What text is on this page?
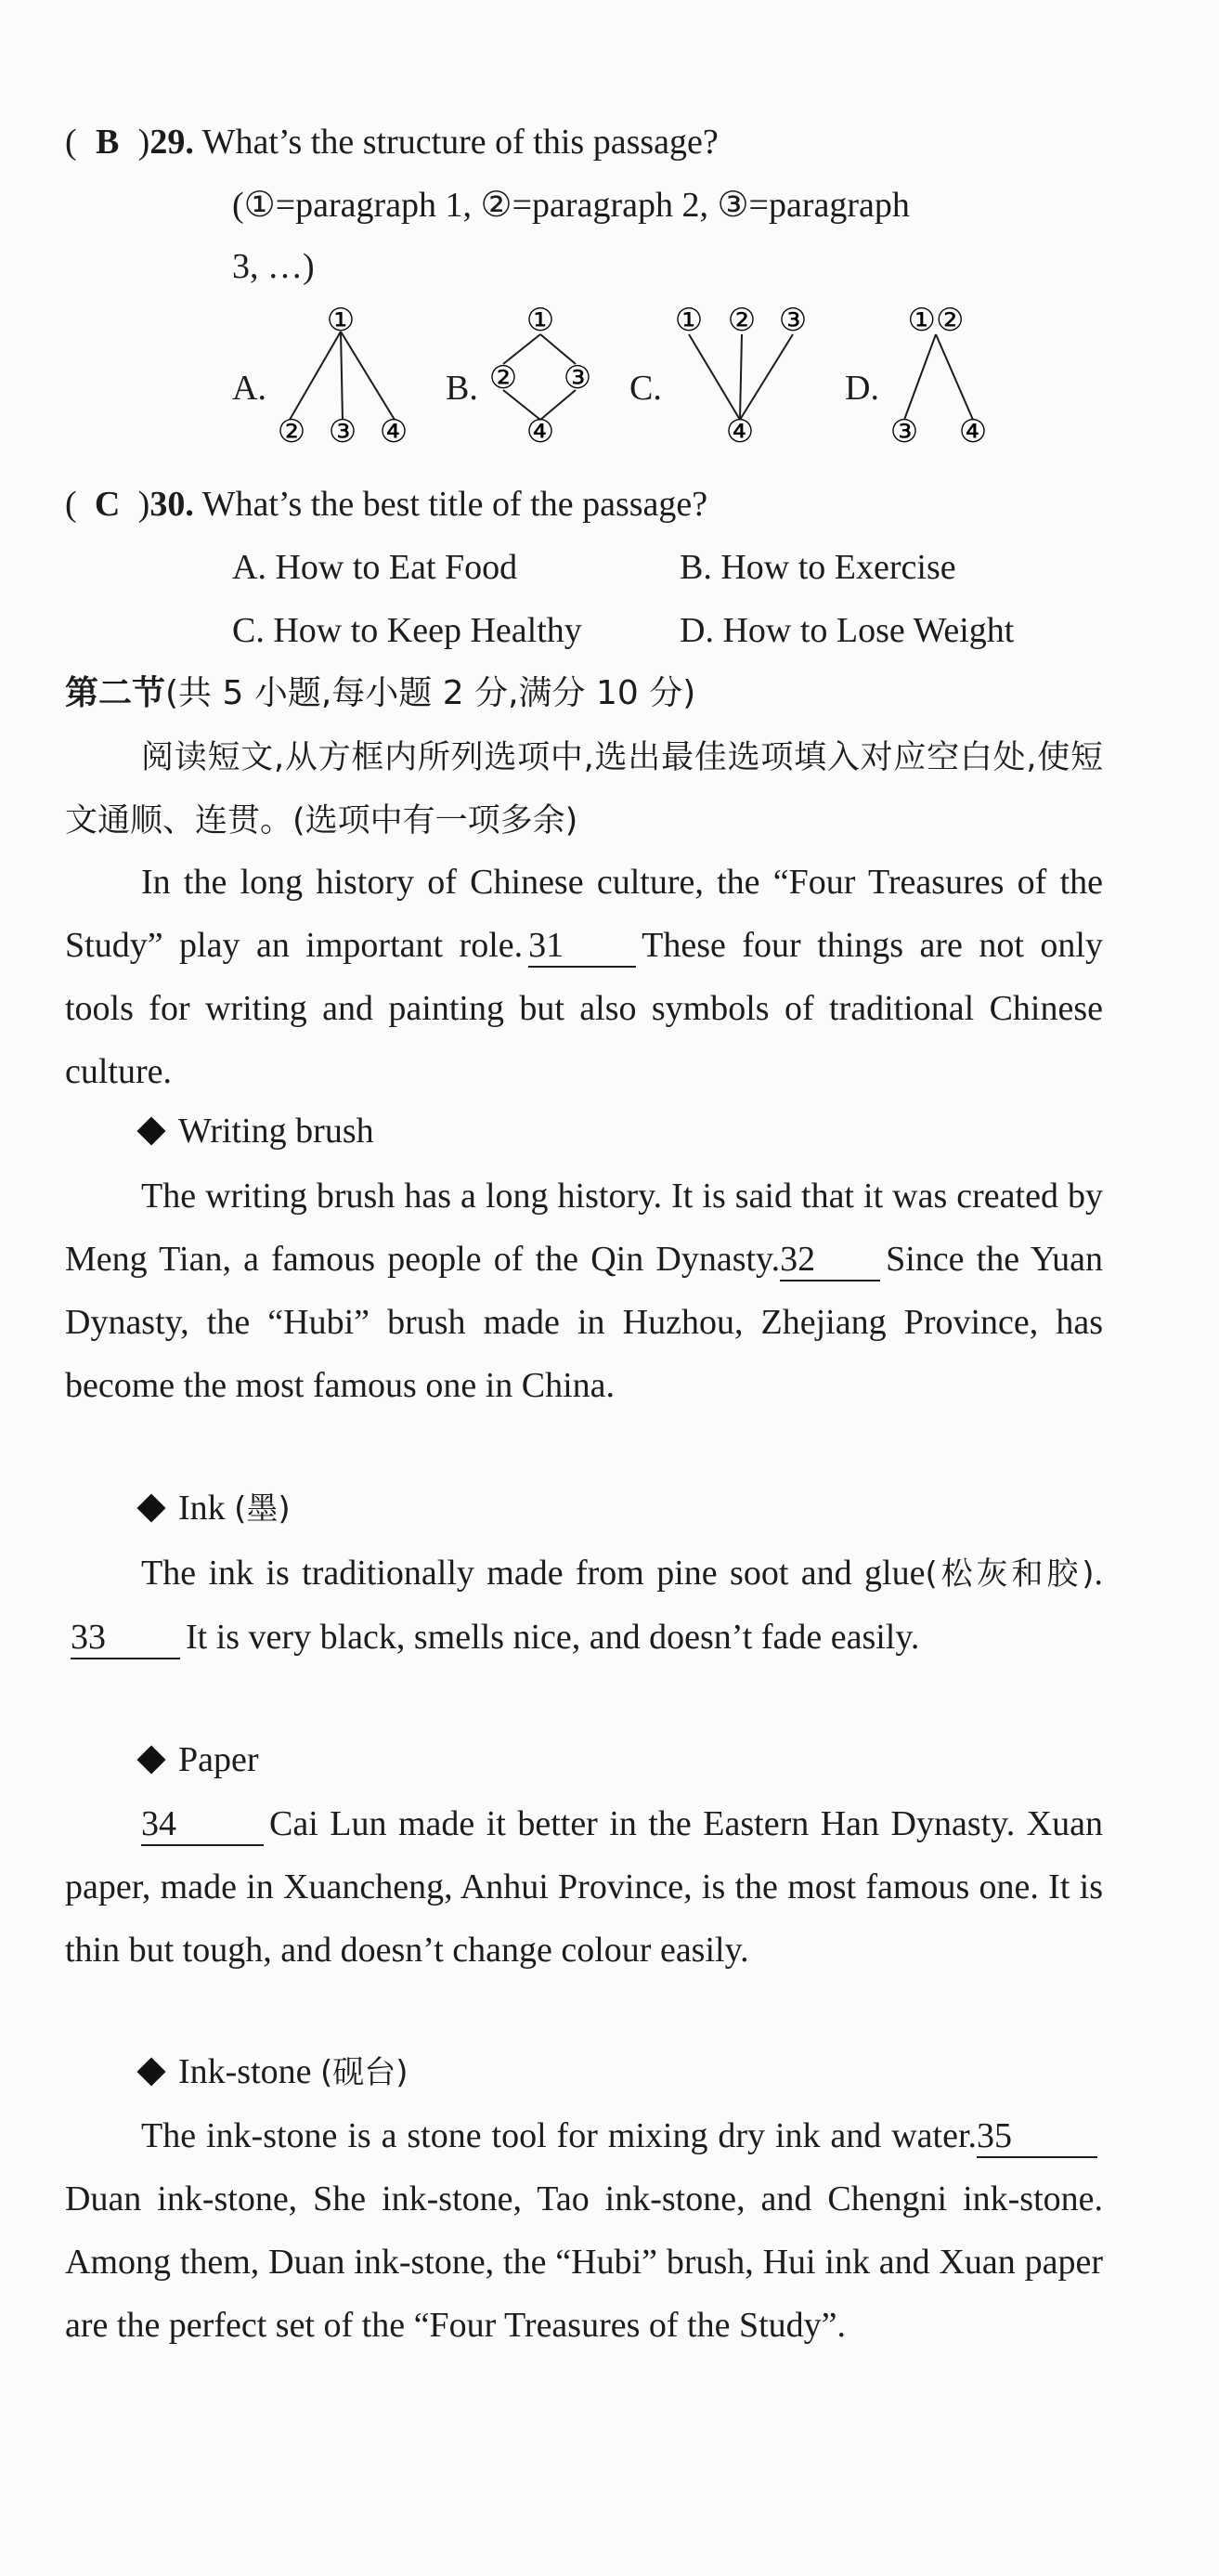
( B )29. What’s the structure of this passage?
(①=paragraph 1, ②=paragraph 2, ③=paragraph
3, …)
A.
①
② ③ ④
B.
①
② ③
④
C.
① ② ③
④
D.
①②
③ ④
( C )30. What’s the best title of the passage?
A. How to Eat Food	B. How to Exercise
C. How to Keep Healthy	D. How to Lose Weight
第二节(共 5 小题,每小题 2 分,满分 10 分)
阅读短文,从方框内所列选项中,选出最佳选项填入对应空白处,使短文通顺、连贯。(选项中有一项多余)
In the long history of Chinese culture, the “Four Treasures of the Study” play an important role. 31 These four things are not only tools for writing and painting but also symbols of traditional Chinese culture.
Writing brush
The writing brush has a long history. It is said that it was created by Meng Tian, a famous people of the Qin Dynasty.32 Since the Yuan Dynasty, the “Hubi” brush made in Huzhou, Zhejiang Province, has become the most famous one in China.
Ink (墨)
The ink is traditionally made from pine soot and glue(松灰和胶).33 It is very black, smells nice, and doesn’t fade easily.
Paper
34	Cai Lun made it better in the Eastern Han Dynasty. Xuan paper, made in Xuancheng, Anhui Province, is the most famous one. It is thin but tough, and doesn’t change colour easily.
Ink-stone (砚台)
The ink-stone is a stone tool for mixing dry ink and water.35Duan ink-stone, She ink-stone, Tao ink-stone, and Chengni ink-stone. Among them, Duan ink-stone, the “Hubi” brush, Hui ink and Xuan paper are the perfect set of the “Four Treasures of the Study”.
